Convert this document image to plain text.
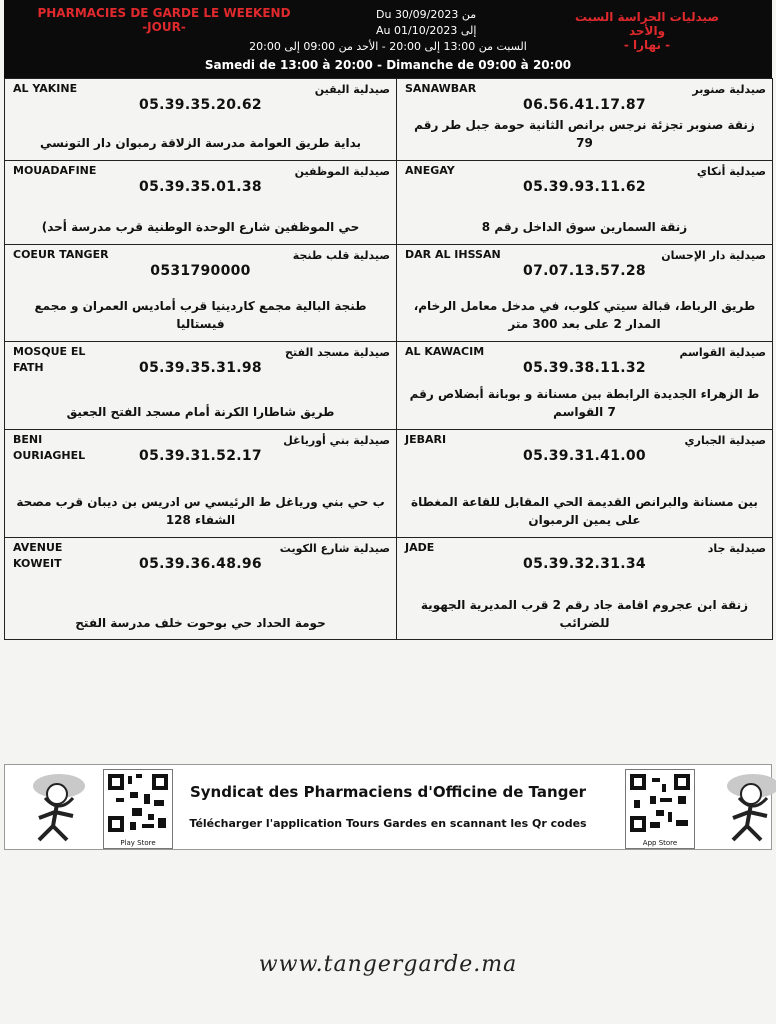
PHARMACIES DE GARDE LE WEEKEND
-JOUR-
Du 30/09/2023 من
Au 01/10/2023 إلى
صيدليات الحراسة السبت والأحد
- نهارا -
السبت من 13:00 إلى 20:00 - الأحد من 09:00 إلى 20:00
Samedi de 13:00 à 20:00 - Dimanche de 09:00 à 20:00
AL YAKINE	صيدلية اليقين
05.39.35.20.62
بداية طريق العوامة مدرسة الزلاقة رمبوان دار التونسي
SANAWBAR	صيدلية صنوبر
06.56.41.17.87
زنقة صنوبر تجزئة نرجس برانص الثانية حومة جبل طر رقم 79
MOUADAFINE	صيدلية الموظفين
05.39.35.01.38
حي الموظفين شارع الوحدة الوطنية قرب مدرسة أحد)
ANEGAY	صيدلية أنكاي
05.39.93.11.62
زنقة السمارين سوق الداخل رقم 8
COEUR TANGER	صيدلية قلب طنجة
0531790000
طنجة البالية مجمع كاردينيا قرب أماديس العمران و مجمع فيستاليا
DAR AL IHSSAN	صيدلية دار الإحسان
07.07.13.57.28
طريق الرباط، قبالة سيتي كلوب، في مدخل معامل الرخام، المدار 2 على بعد 300 متر
MOSQUE EL FATH
صيدلية مسجد الفتح
05.39.35.31.98
طريق شاطارا الكرنة أمام مسجد الفتح الجعيق
AL KAWACIM	صيدلية القواسم
05.39.38.11.32
ط الزهراء الجديدة الرابطة بين مسنانة و بوبانة أبضلاص رقم 7 القواسم
BENI OURIAGHEL
صيدلية بني أورياغل
05.39.31.52.17
ب حي بني ورياغل ط الرئيسي س ادريس بن ديبان قرب مصحة الشفاء 128
JEBARI	صيدلية الجباري
05.39.31.41.00
بين مسنانة والبرانص القديمة الحي المقابل للقاعة المغطاة على يمين الرمبوان
AVENUE KOWEIT
صيدلية شارع الكويت
05.39.36.48.96
حومة الحداد حي بوحوت خلف مدرسة الفتح
JADE	صيدلية جاد
05.39.32.31.34
زنقة ابن عجروم اقامة جاد رقم 2 قرب المديرية الجهوية للضرائب
Play Store
Syndicat des Pharmaciens d'Officine de Tanger
Télécharger l'application Tours Gardes en scannant les Qr codes
App Store
www.tangergarde.ma
